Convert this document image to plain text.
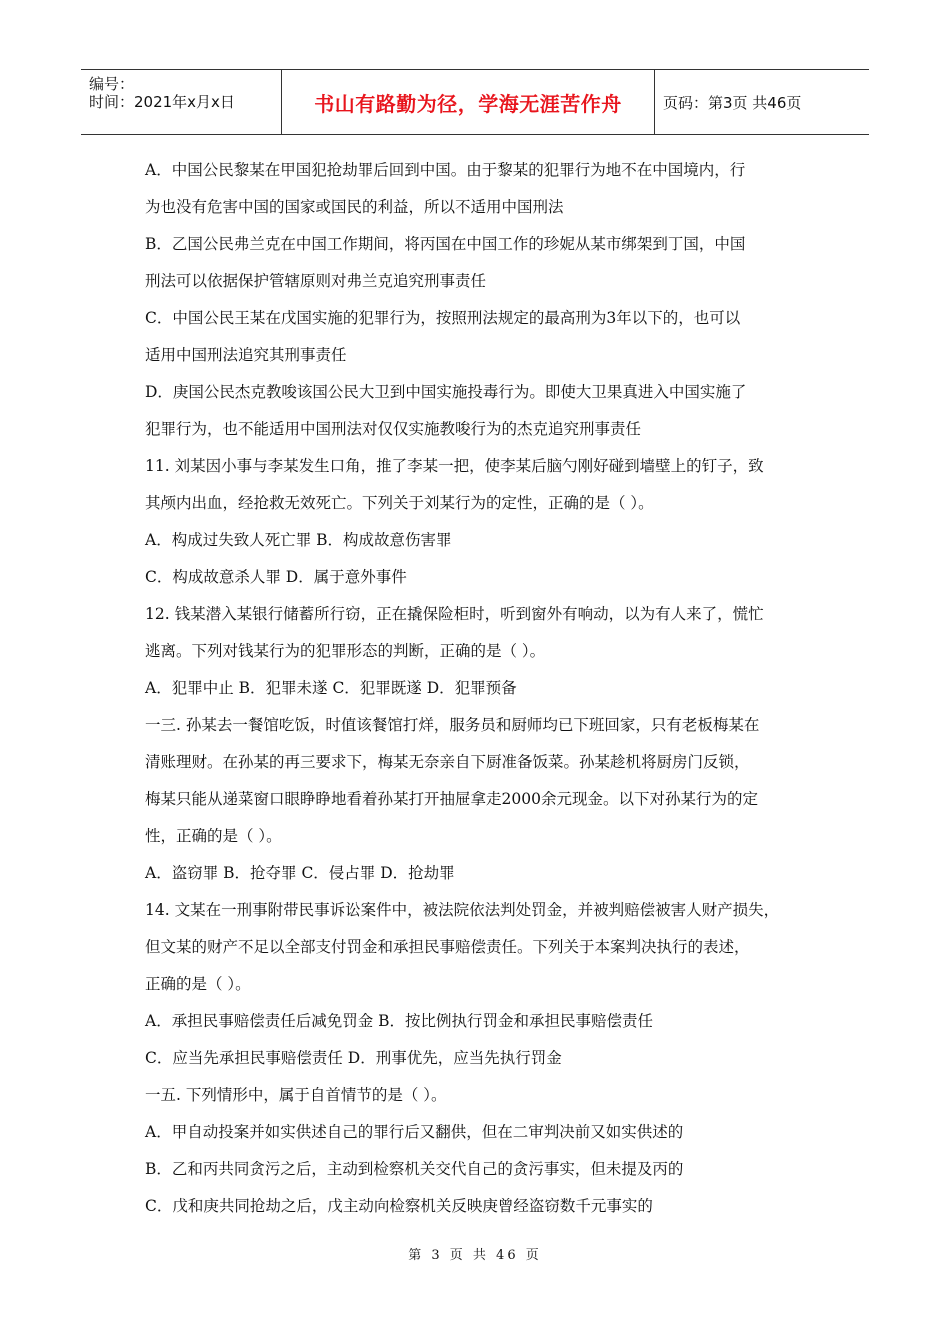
编号：
时间：2021年x月x日	书山有路勤为径，学海无涯苦作舟	页码：第3页 共46页
A．中国公民黎某在甲国犯抢劫罪后回到中国。由于黎某的犯罪行为地不在中国境内，行
为也没有危害中国的国家或国民的利益，所以不适用中国刑法
B．乙国公民弗兰克在中国工作期间，将丙国在中国工作的珍妮从某市绑架到丁国，中国
刑法可以依据保护管辖原则对弗兰克追究刑事责任
C．中国公民王某在戊国实施的犯罪行为，按照刑法规定的最高刑为3年以下的，也可以
适用中国刑法追究其刑事责任
D．庚国公民杰克教唆该国公民大卫到中国实施投毒行为。即使大卫果真进入中国实施了
犯罪行为，也不能适用中国刑法对仅仅实施教唆行为的杰克追究刑事责任
11. 刘某因小事与李某发生口角，推了李某一把，使李某后脑勺刚好碰到墙壁上的钉子，致
其颅内出血，经抢救无效死亡。下列关于刘某行为的定性，正确的是（ ）。
A．构成过失致人死亡罪 B．构成故意伤害罪
C．构成故意杀人罪 D．属于意外事件
12. 钱某潜入某银行储蓄所行窃，正在撬保险柜时，听到窗外有响动，以为有人来了，慌忙
逃离。下列对钱某行为的犯罪形态的判断，正确的是（ ）。
A．犯罪中止 B．犯罪未遂 C．犯罪既遂 D．犯罪预备
一三. 孙某去一餐馆吃饭，时值该餐馆打烊，服务员和厨师均已下班回家，只有老板梅某在
清账理财。在孙某的再三要求下，梅某无奈亲自下厨准备饭菜。孙某趁机将厨房门反锁，
梅某只能从递菜窗口眼睁睁地看着孙某打开抽屉拿走2000余元现金。以下对孙某行为的定
性，正确的是（ ）。
A．盗窃罪 B．抢夺罪 C．侵占罪 D．抢劫罪
14. 文某在一刑事附带民事诉讼案件中，被法院依法判处罚金，并被判赔偿被害人财产损失，
但文某的财产不足以全部支付罚金和承担民事赔偿责任。下列关于本案判决执行的表述，
正确的是（ ）。
A．承担民事赔偿责任后减免罚金 B．按比例执行罚金和承担民事赔偿责任
C．应当先承担民事赔偿责任 D．刑事优先，应当先执行罚金
一五. 下列情形中，属于自首情节的是（ ）。
A．甲自动投案并如实供述自己的罪行后又翻供，但在二审判决前又如实供述的
B．乙和丙共同贪污之后，主动到检察机关交代自己的贪污事实，但未提及丙的
C．戊和庚共同抢劫之后，戊主动向检察机关反映庚曾经盗窃数千元事实的
第 3 页 共 46 页
